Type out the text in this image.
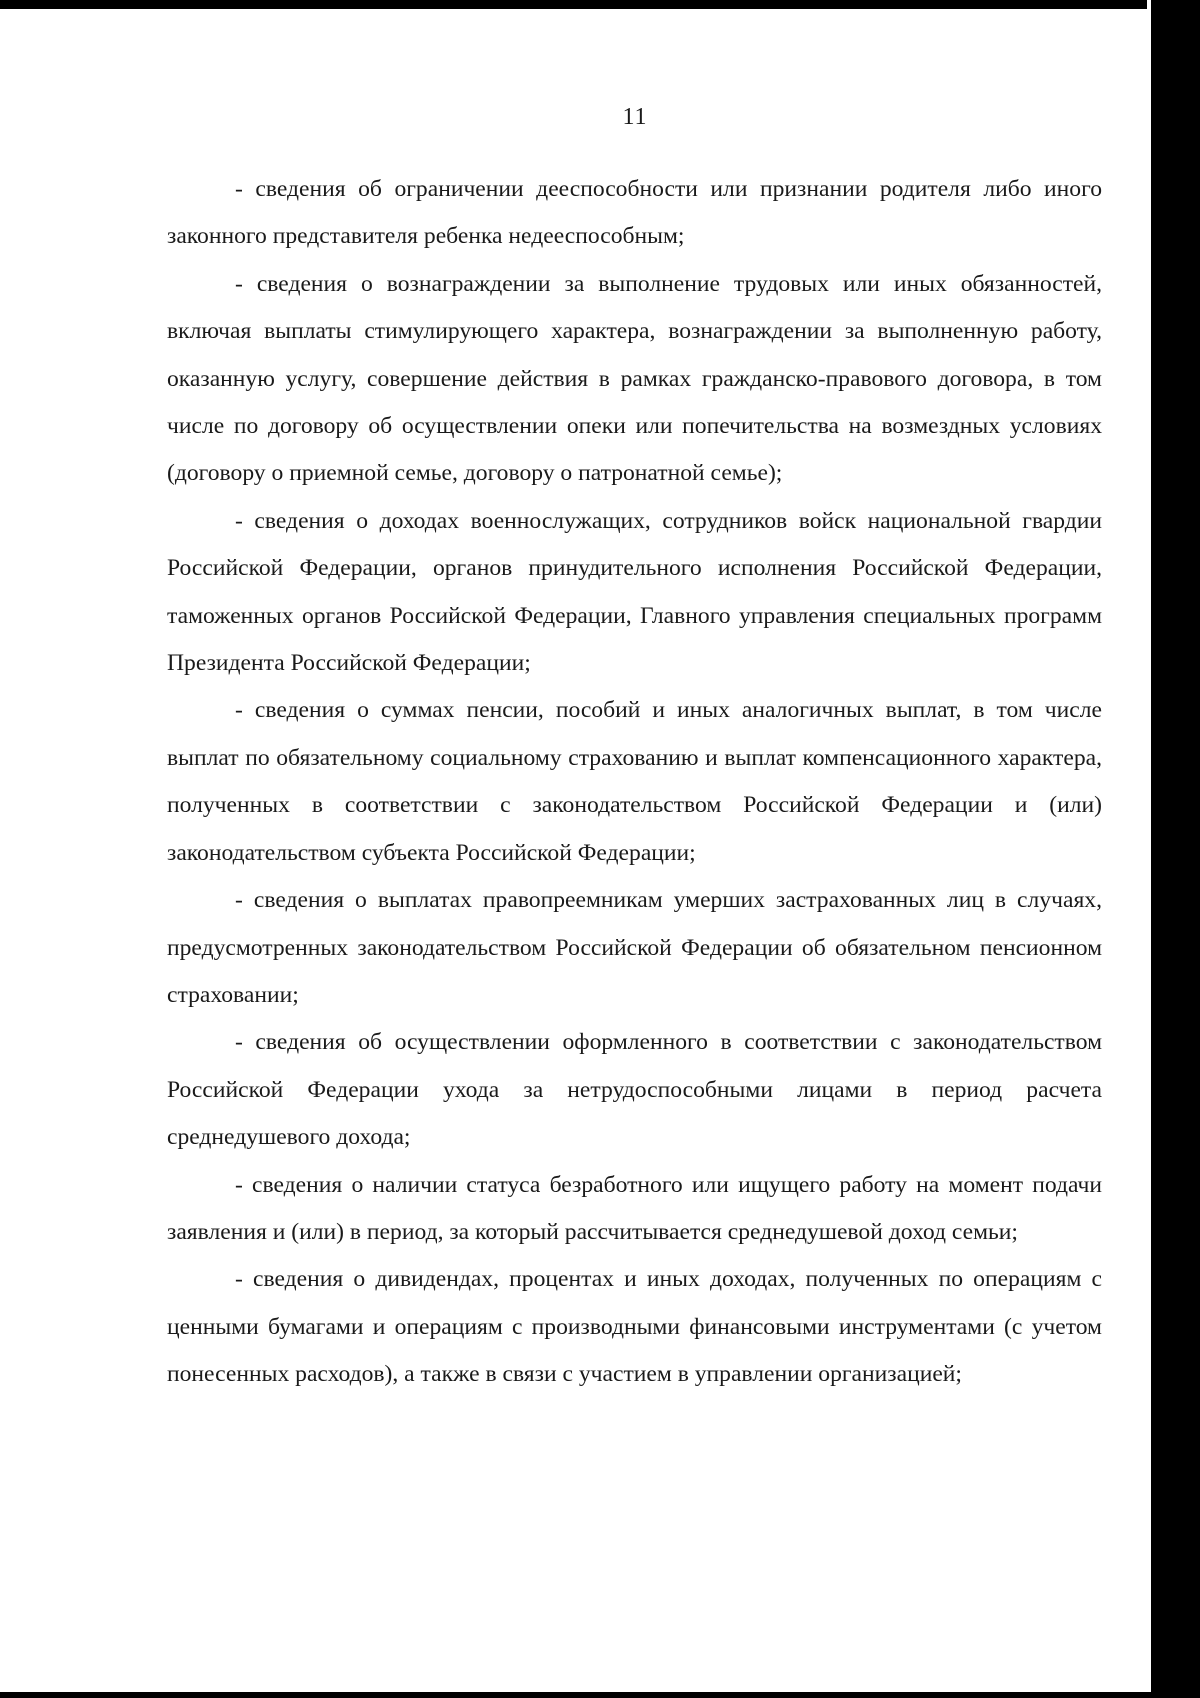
11

- сведения об ограничении дееспособности или признании родителя либо иного законного представителя ребенка недееспособным;

- сведения о вознаграждении за выполнение трудовых или иных обязанностей, включая выплаты стимулирующего характера, вознаграждении за выполненную работу, оказанную услугу, совершение действия в рамках гражданско-правового договора, в том числе по договору об осуществлении опеки или попечительства на возмездных условиях (договору о приемной семье, договору о патронатной семье);

- сведения о доходах военнослужащих, сотрудников войск национальной гвардии Российской Федерации, органов принудительного исполнения Российской Федерации, таможенных органов Российской Федерации, Главного управления специальных программ Президента Российской Федерации;

- сведения о суммах пенсии, пособий и иных аналогичных выплат, в том числе выплат по обязательному социальному страхованию и выплат компенсационного характера, полученных в соответствии с законодательством Российской Федерации и (или) законодательством субъекта Российской Федерации;

- сведения о выплатах правопреемникам умерших застрахованных лиц в случаях, предусмотренных законодательством Российской Федерации об обязательном пенсионном страховании;

- сведения об осуществлении оформленного в соответствии с законодательством Российской Федерации ухода за нетрудоспособными лицами в период расчета среднедушевого дохода;

- сведения о наличии статуса безработного или ищущего работу на момент подачи заявления и (или) в период, за который рассчитывается среднедушевой доход семьи;

- сведения о дивидендах, процентах и иных доходах, полученных по операциям с ценными бумагами и операциям с производными финансовыми инструментами (с учетом понесенных расходов), а также в связи с участием в управлении организацией;
